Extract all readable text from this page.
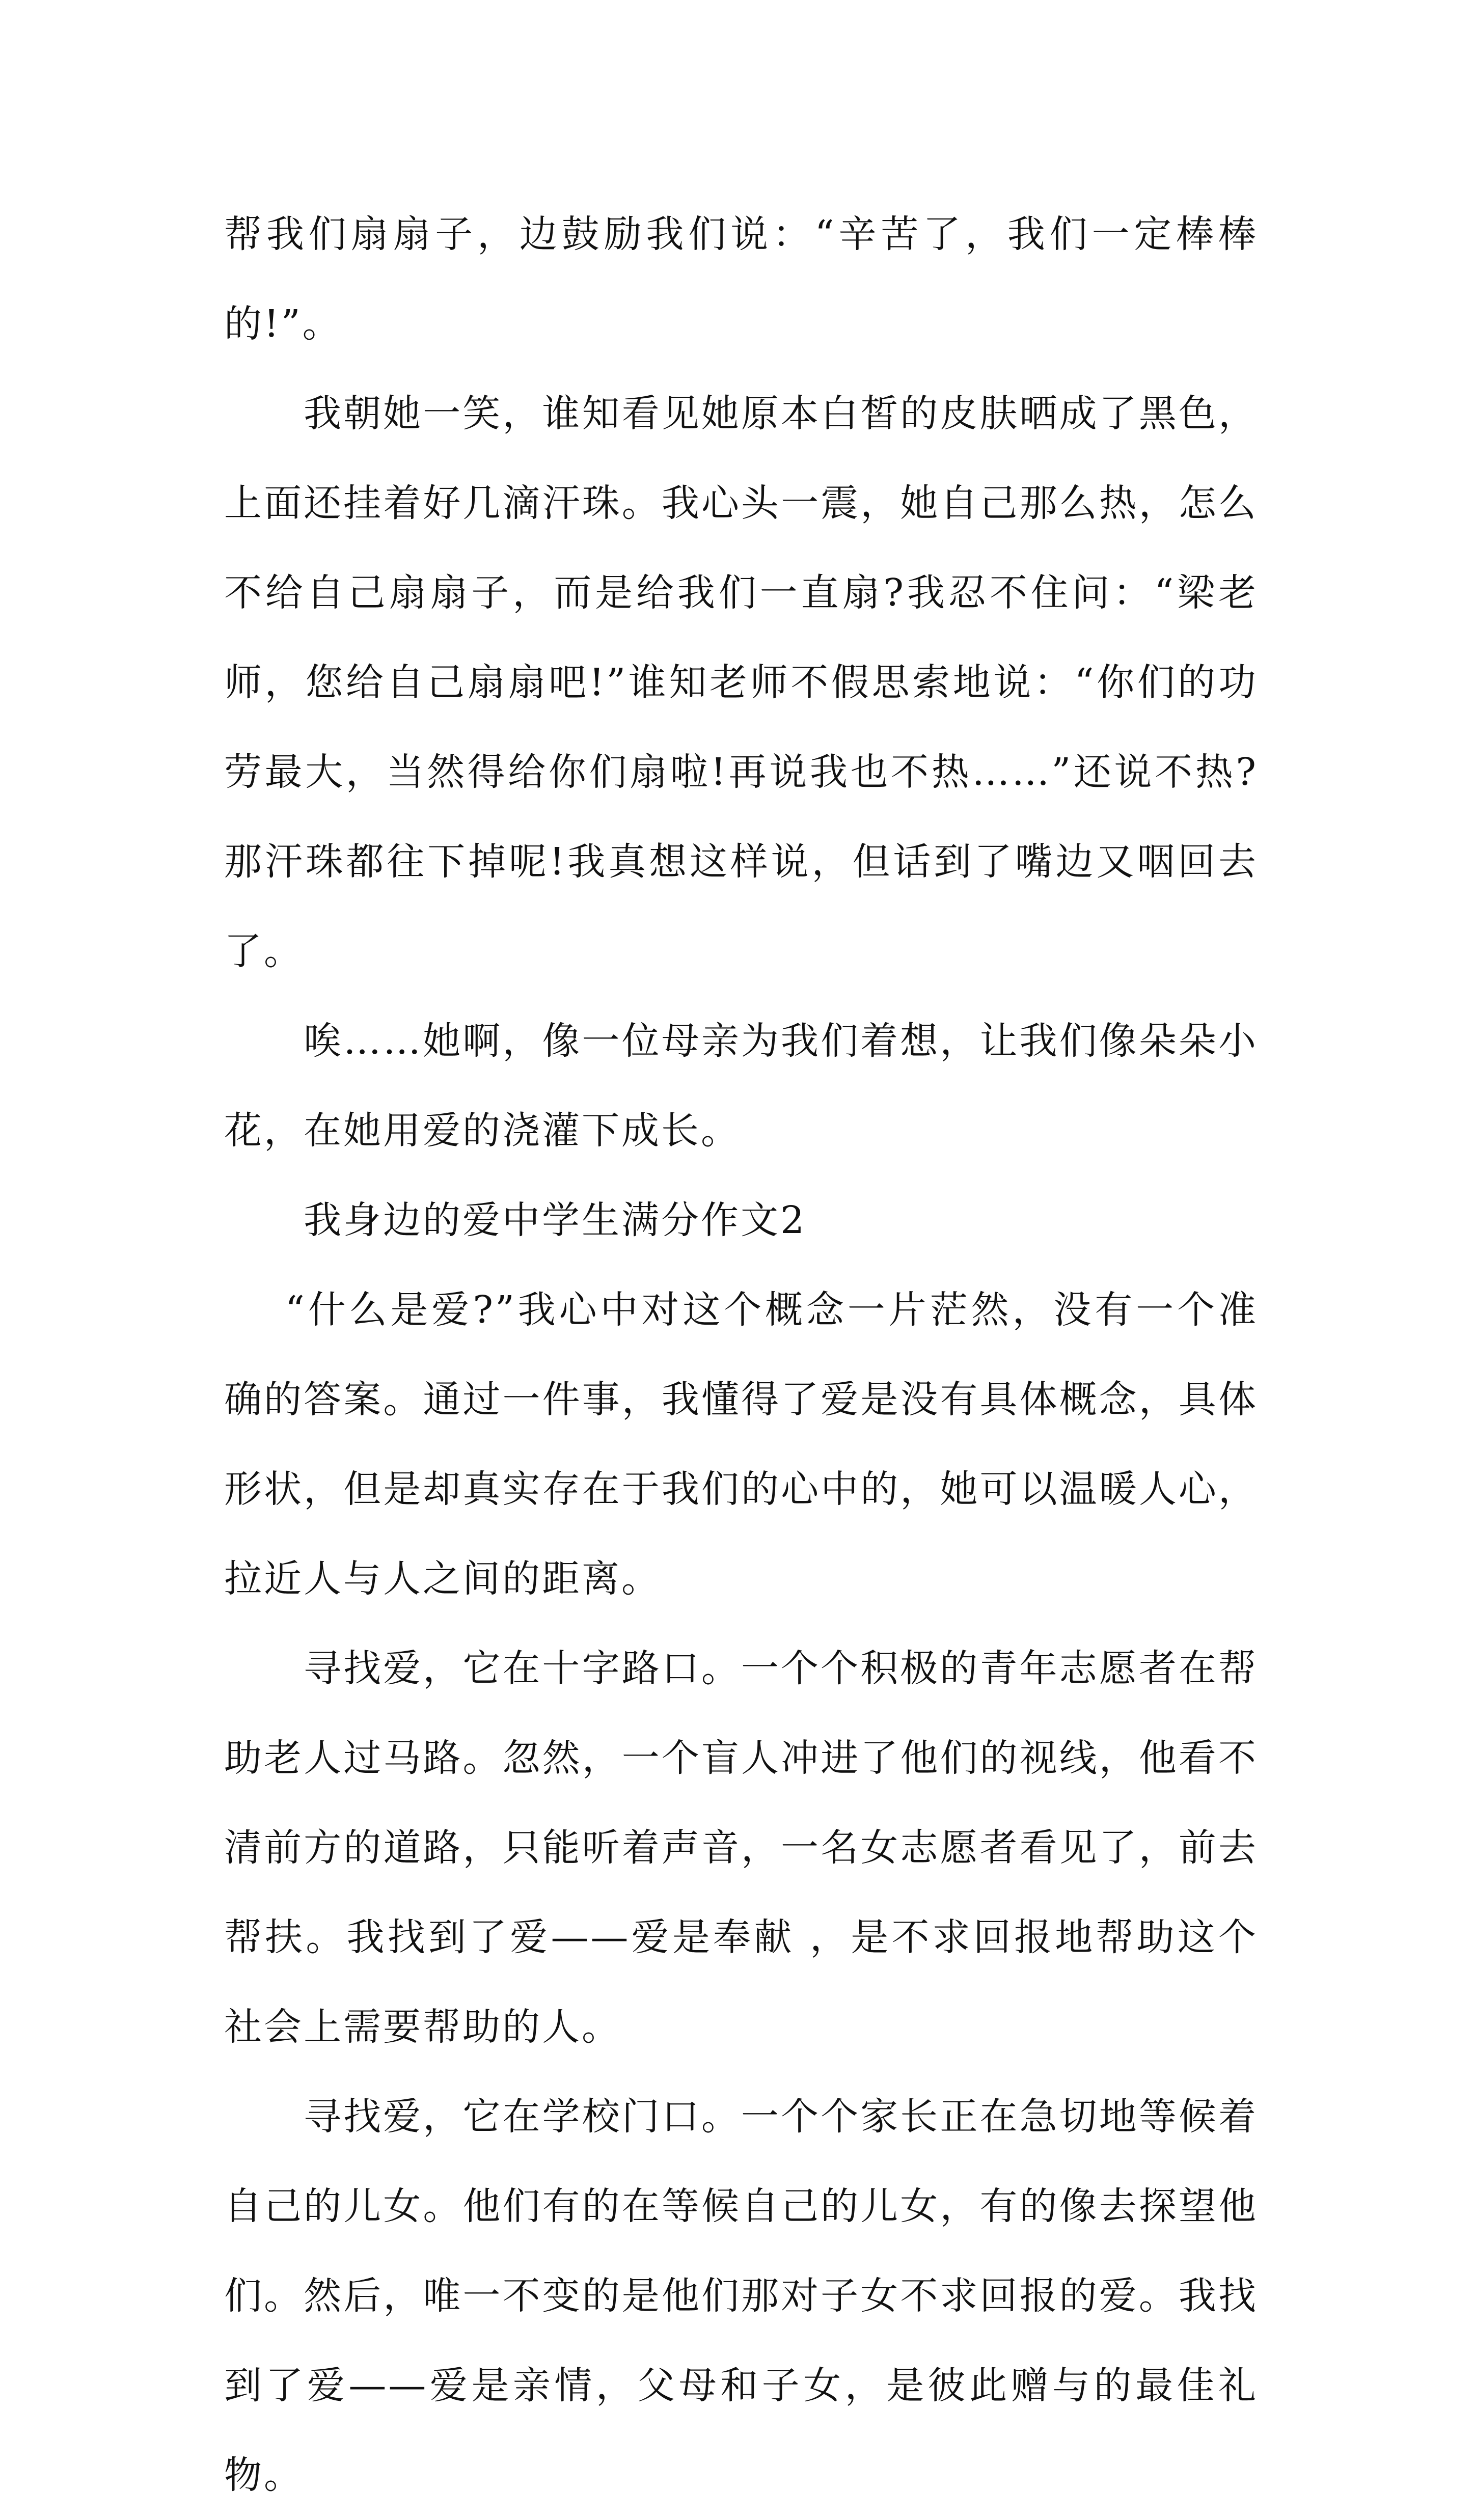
帮我们扇扇子，边鼓励我们说：“辛苦了，我们一定棒棒的!”。

我朝她一笑，谁知看见她原本白皙的皮肤晒成了黑色，上面还挂着好几滴汗珠。我心头一震，她自己那么热，怎么不给自己扇扇子，而是给我们一直扇?我忍不住问：“梁老师，您给自己扇扇吧!”谁知老师不假思索地说：“你们的功劳最大，当然得给你们扇啦!再说我也不热……”还说不热?那汗珠都往下掉呢!我真想这样说，但话到了嘴边又咽回去了。

唉……她啊，像一位母亲为我们着想，让我们像朵朵小花，在她用爱的浇灌下成长。

我身边的爱中学生满分作文2

“什么是爱?”我心中对这个概念一片茫然，没有一个准确的答案。通过一件事，我懂得了爱是没有具体概念，具体形状，但是却真实存在于我们的心中的，她可以温暖人心，拉近人与人之间的距离。

寻找爱，它在十字路口。一个个积极的青年志愿者在帮助老人过马路。忽然，一个盲人冲进了他们的视线，他看不清前方的道路，只能听着声音，一名女志愿者看见了，前去帮扶。我找到了爱——爱是奉献 ，是不求回报地帮助这个社会上需要帮助的人。

寻找爱，它在学校门口。一个个家长正在急切地等候着自己的儿女。他们有的在等候自己的儿女，有的像去探望他们。然后，唯一不变的是他们那对子女不求回报的爱。我找到了爱——爱是亲情，父母和子女，是彼此赠与的最佳礼物。
